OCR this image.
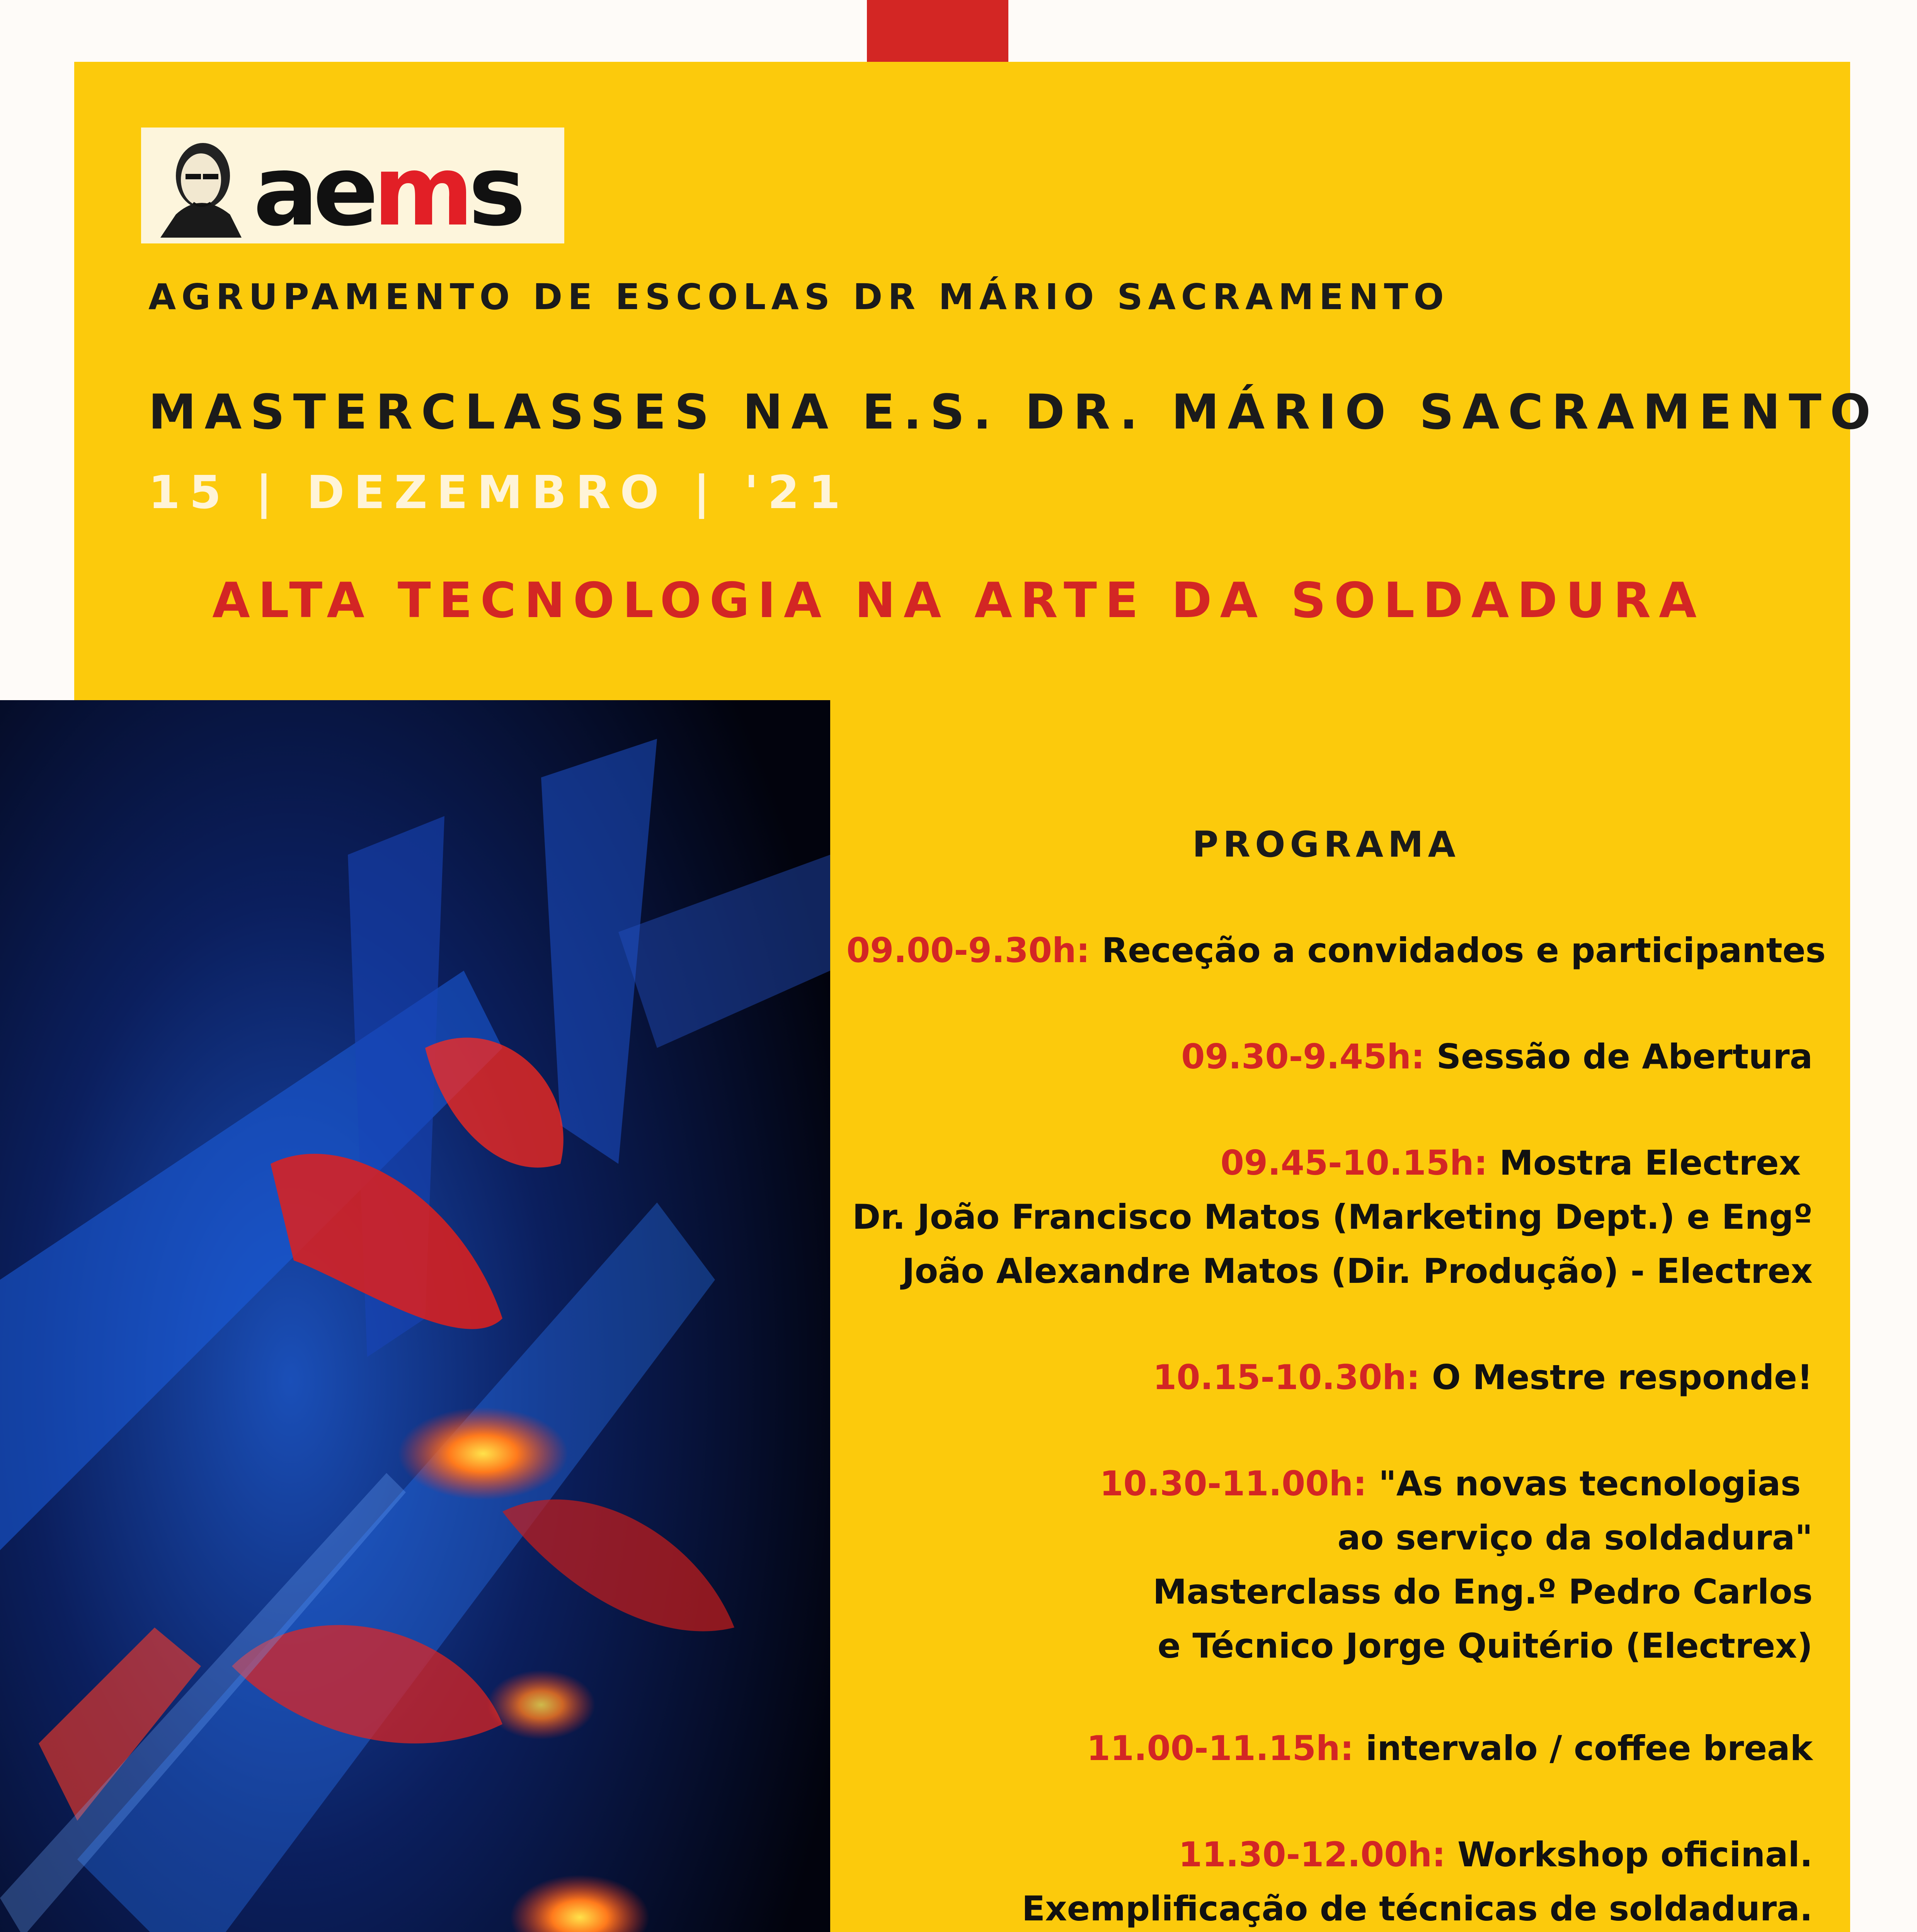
aems
AGRUPAMENTO DE ESCOLAS DR MÁRIO SACRAMENTO
MASTERCLASSES NA E.S. DR. MÁRIO SACRAMENTO
15 | DEZEMBRO | '21
ALTA TECNOLOGIA NA ARTE DA SOLDADURA
PROGRAMA
09.00-9.30h: Receção a convidados e participantes
09.30-9.45h: Sessão de Abertura
09.45-10.15h: Mostra Electrex
Dr. João Francisco Matos (Marketing Dept.) e Engº
João Alexandre Matos (Dir. Produção) - Electrex
10.15-10.30h: O Mestre responde!
10.30-11.00h: "As novas tecnologias
ao serviço da soldadura"
Masterclass do Eng.º Pedro Carlos
e Técnico Jorge Quitério (Electrex)
11.00-11.15h: intervalo / coffee break
11.30-12.00h: Workshop oficinal.
Exemplificação de técnicas de soldadura.
